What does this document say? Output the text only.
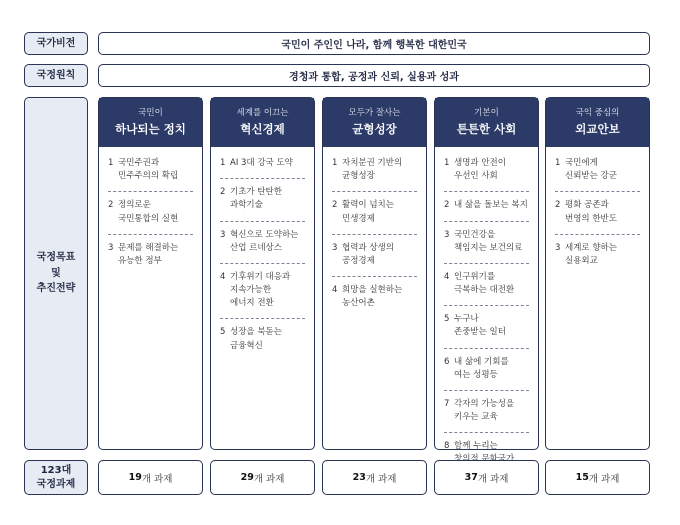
국가비전	국민이 주인인 나라, 함께 행복한 대한민국
국정원칙	경청과 통합, 공정과 신뢰, 실용과 성과
국정목표
및
추진전략
국민이
하나되는 정치
1 국민주권과
민주주의의 확립
2 정의로운
국민통합의 실현
3 문제를 해결하는
유능한 정부
세계를 이끄는
혁신경제
1 AI 3대 강국 도약
2 기초가 탄탄한
과학기술
3 혁신으로 도약하는
산업 르네상스
4 기후위기 대응과
지속가능한
에너지 전환
5 성장을 북돋는
금융혁신
모두가 잘사는
균형성장
1 자치분권 기반의
균형성장
2 활력이 넘치는
민생경제
3 협력과 상생의
공정경제
4 희망을 실현하는
농산어촌
기본이
튼튼한 사회
1 생명과 안전이
우선인 사회
2 내 삶을 돌보는 복지
3 국민건강을
책임지는 보건의료
4 인구위기를
극복하는 대전환
5 누구나
존중받는 일터
6 내 삶에 기회를
여는 성평등
7 각자의 가능성을
키우는 교육
8 함께 누리는

국익 중심의
외교안보
1 국민에게
신뢰받는 강군
2 평화 공존과
번영의 한반도
3 세계로 향하는
실용외교
123대
국정과제
19 개 과제	29 개 과제	23 개 과제	37 개 과제	15 개 과제
